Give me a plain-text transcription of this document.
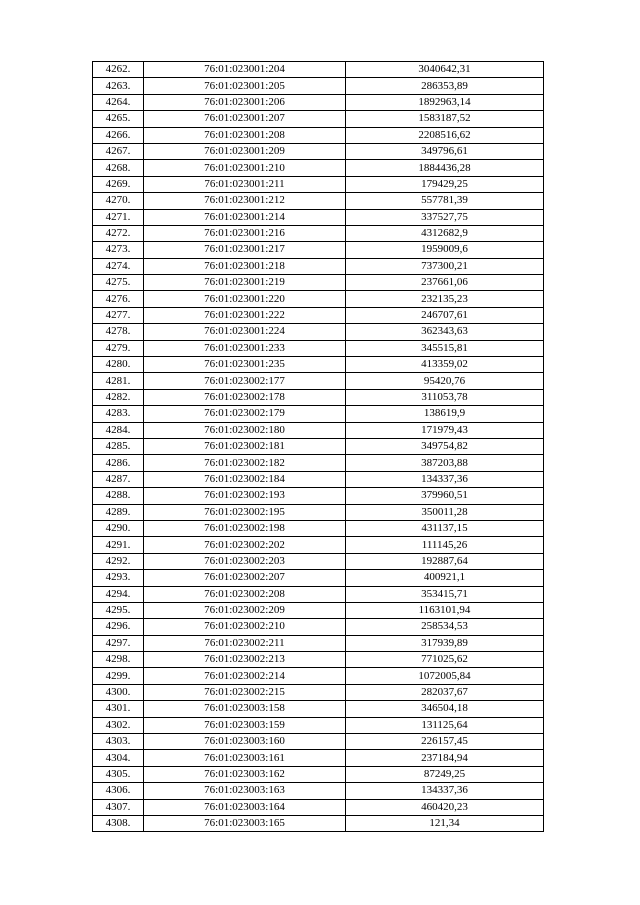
4262.	76:01:023001:204	3040642,31
4263.	76:01:023001:205	286353,89
4264.	76:01:023001:206	1892963,14
4265.	76:01:023001:207	1583187,52
4266.	76:01:023001:208	2208516,62
4267.	76:01:023001:209	349796,61
4268.	76:01:023001:210	1884436,28
4269.	76:01:023001:211	179429,25
4270.	76:01:023001:212	557781,39
4271.	76:01:023001:214	337527,75
4272.	76:01:023001:216	4312682,9
4273.	76:01:023001:217	1959009,6
4274.	76:01:023001:218	737300,21
4275.	76:01:023001:219	237661,06
4276.	76:01:023001:220	232135,23
4277.	76:01:023001:222	246707,61
4278.	76:01:023001:224	362343,63
4279.	76:01:023001:233	345515,81
4280.	76:01:023001:235	413359,02
4281.	76:01:023002:177	95420,76
4282.	76:01:023002:178	311053,78
4283.	76:01:023002:179	138619,9
4284.	76:01:023002:180	171979,43
4285.	76:01:023002:181	349754,82
4286.	76:01:023002:182	387203,88
4287.	76:01:023002:184	134337,36
4288.	76:01:023002:193	379960,51
4289.	76:01:023002:195	350011,28
4290.	76:01:023002:198	431137,15
4291.	76:01:023002:202	111145,26
4292.	76:01:023002:203	192887,64
4293.	76:01:023002:207	400921,1
4294.	76:01:023002:208	353415,71
4295.	76:01:023002:209	1163101,94
4296.	76:01:023002:210	258534,53
4297.	76:01:023002:211	317939,89
4298.	76:01:023002:213	771025,62
4299.	76:01:023002:214	1072005,84
4300.	76:01:023002:215	282037,67
4301.	76:01:023003:158	346504,18
4302.	76:01:023003:159	131125,64
4303.	76:01:023003:160	226157,45
4304.	76:01:023003:161	237184,94
4305.	76:01:023003:162	87249,25
4306.	76:01:023003:163	134337,36
4307.	76:01:023003:164	460420,23
4308.	76:01:023003:165	121,34
